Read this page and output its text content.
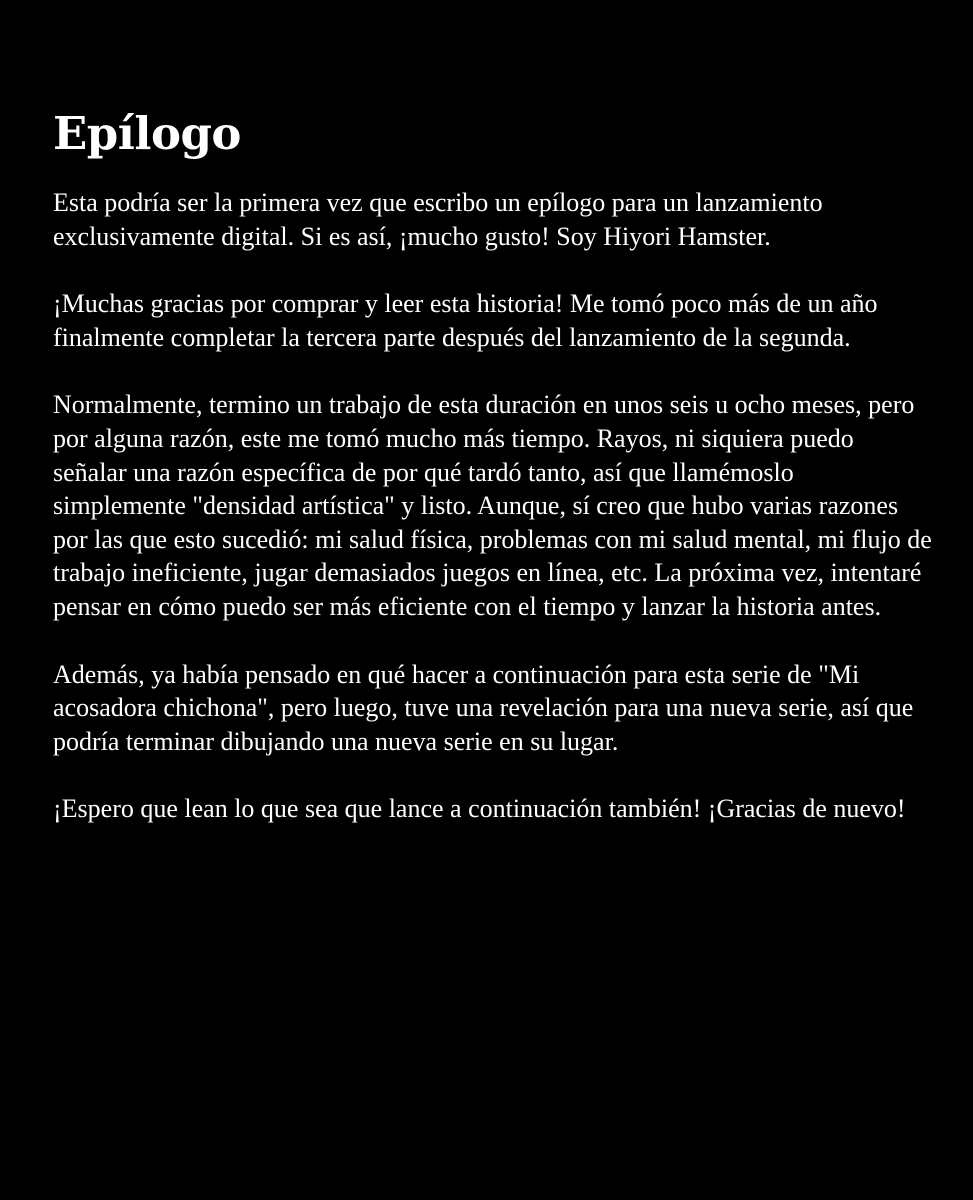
Epílogo

Esta podría ser la primera vez que escribo un epílogo para un lanzamiento exclusivamente digital. Si es así, ¡mucho gusto! Soy Hiyori Hamster.

¡Muchas gracias por comprar y leer esta historia! Me tomó poco más de un año finalmente completar la tercera parte después del lanzamiento de la segunda.

Normalmente, termino un trabajo de esta duración en unos seis u ocho meses, pero por alguna razón, este me tomó mucho más tiempo. Rayos, ni siquiera puedo señalar una razón específica de por qué tardó tanto, así que llamémoslo simplemente "densidad artística" y listo. Aunque, sí creo que hubo varias razones por las que esto sucedió: mi salud física, problemas con mi salud mental, mi flujo de trabajo ineficiente, jugar demasiados juegos en línea, etc. La próxima vez, intentaré pensar en cómo puedo ser más eficiente con el tiempo y lanzar la historia antes.

Además, ya había pensado en qué hacer a continuación para esta serie de "Mi acosadora chichona", pero luego, tuve una revelación para una nueva serie, así que podría terminar dibujando una nueva serie en su lugar.

¡Espero que lean lo que sea que lance a continuación también! ¡Gracias de nuevo!
